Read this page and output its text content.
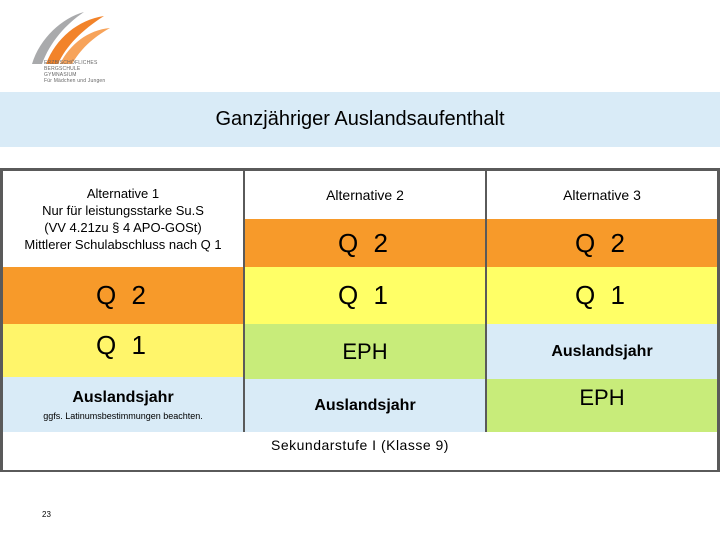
ERZBISCHÖFLICHES
BERGSCHULE
GYMNASIUM
Für Mädchen und Jungen
Ganzjähriger Auslandsaufenthalt
Alternative 1
Nur für leistungsstarke Su.S
(VV 4.21zu § 4 APO-GOSt)
Mittlerer Schulabschluss nach Q 1
Q 2
Q 1
Auslandsjahr
ggfs. Latinumsbestimmungen beachten.
Alternative 2
Q 2
Q 1
EPH
Auslandsjahr
Alternative 3
Q 2
Q 1
Auslandsjahr
EPH
Sekundarstufe I (Klasse 9)
23
